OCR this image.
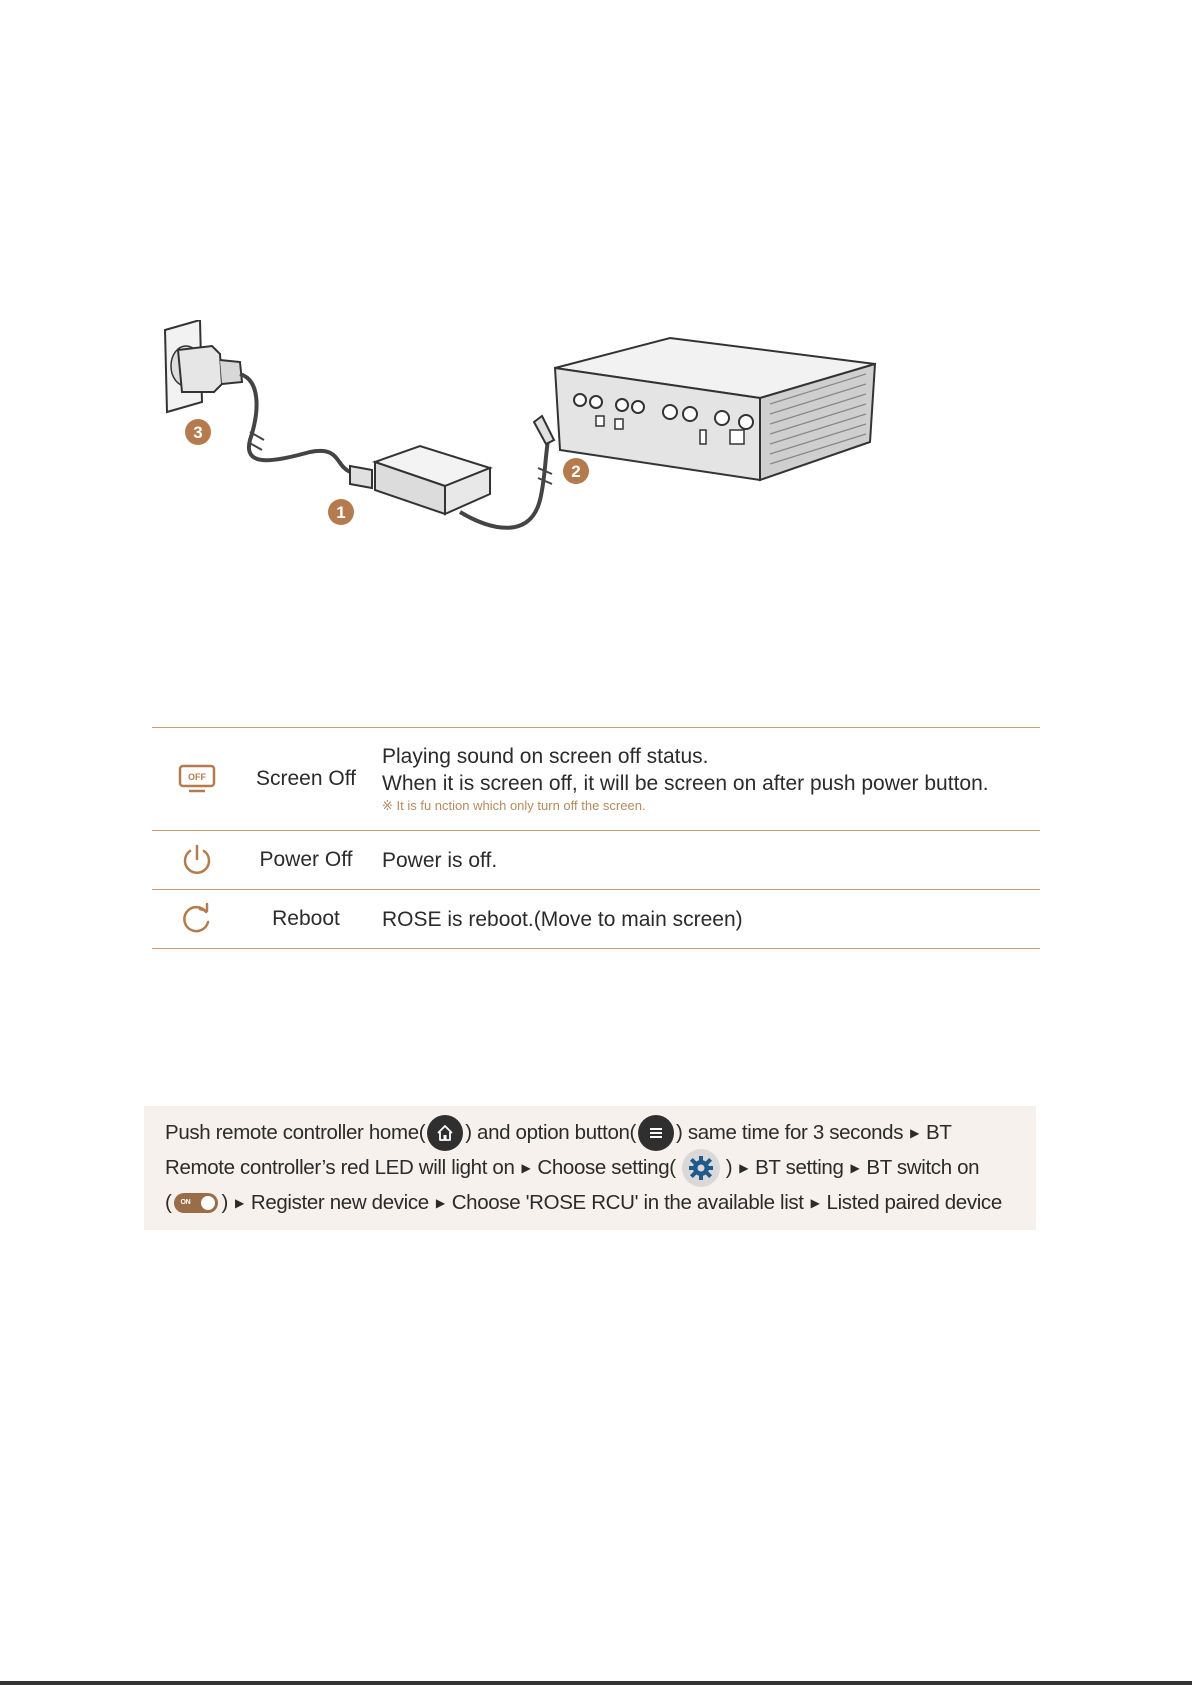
3
1
2
OFF	Screen Off
Playing sound on screen off status.
When it is screen off, it will be screen on after push power button.
※ It is fu nction which only turn off the screen.
Power Off	Power is off.
Reboot	ROSE is reboot.(Move to main screen)
Push remote controller home( ) and option button( ) same time for 3 seconds ▶ BT
Remote controller’s red LED will light on ▶ Choose setting( ) ▶ BT setting ▶ BT switch on
( ON ) ▶ Register new device ▶ Choose 'ROSE RCU' in the available list ▶ Listed paired device
